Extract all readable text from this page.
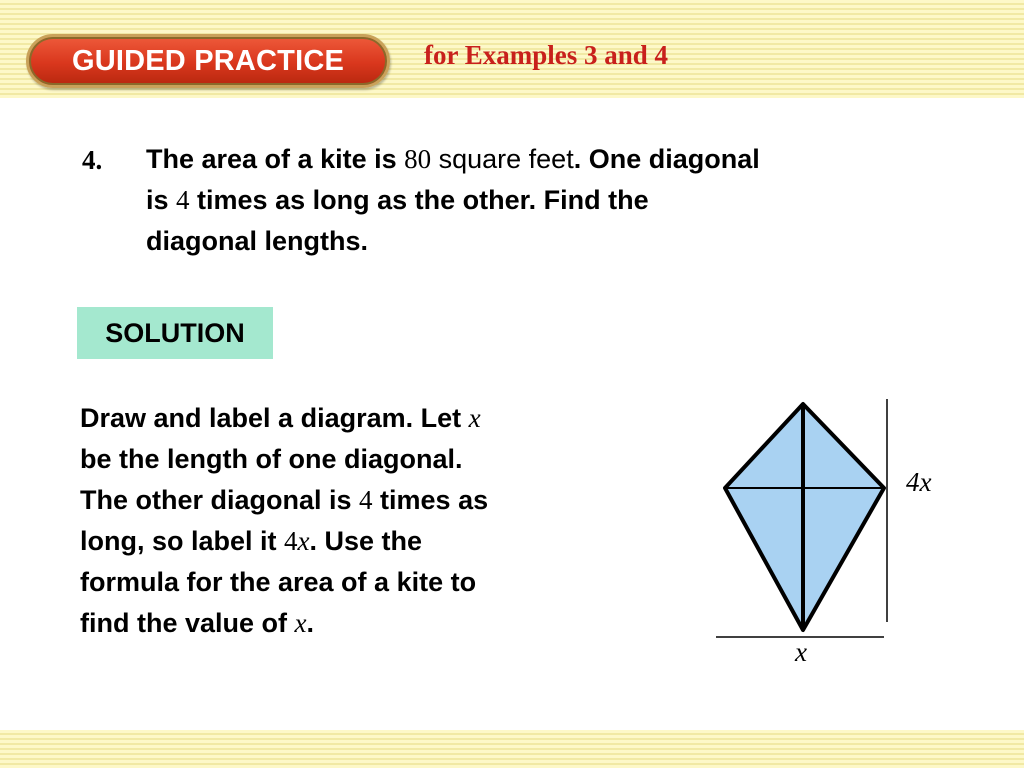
GUIDED PRACTICE	for Examples 3 and 4
4. The area of a kite is 80 square feet. One diagonal
is 4 times as long as the other. Find the
diagonal lengths.
SOLUTION
Draw and label a diagram. Let x
be the length of one diagonal.
The other diagonal is 4 times as
long, so label it 4x. Use the
formula for the area of a kite to
find the value of x.
4x
x
